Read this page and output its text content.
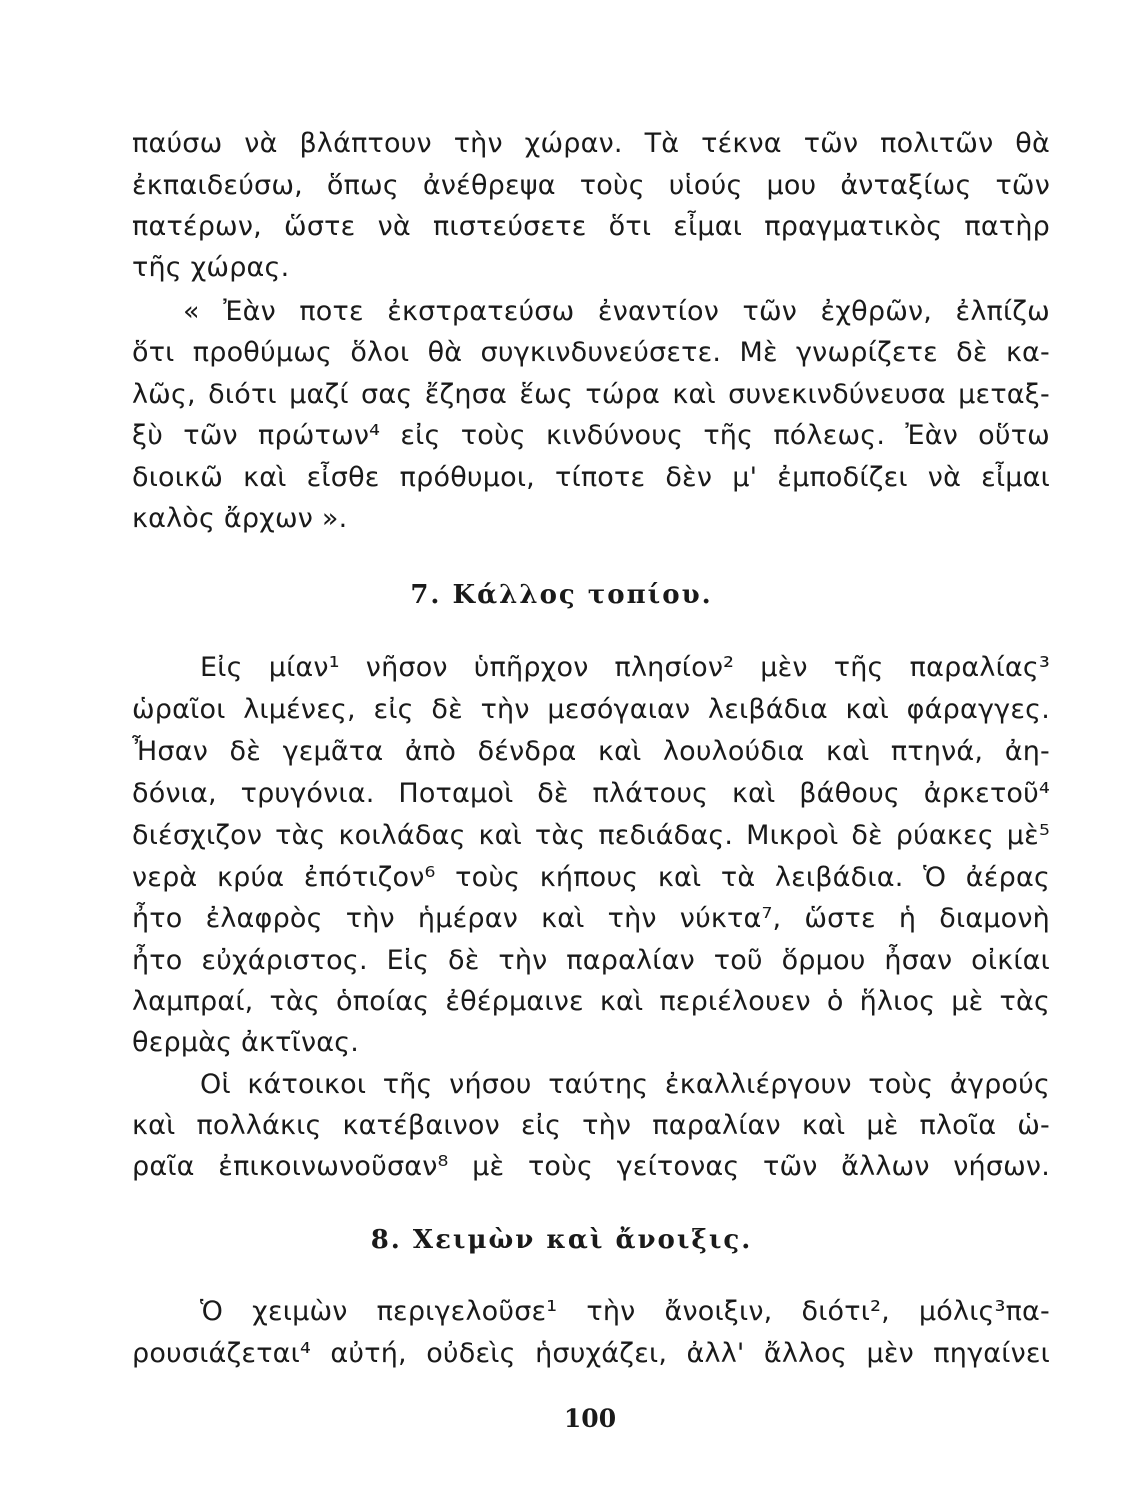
παύσω νὰ βλάπτουν τὴν χώραν. Τὰ τέκνα τῶν πολιτῶν θὰ
ἐκπαιδεύσω, ὅπως ἀνέθρεψα τοὺς υἱούς μου ἀνταξίως τῶν
πατέρων, ὥστε νὰ πιστεύσετε ὅτι εἶμαι πραγματικὸς πατὴρ
τῆς χώρας.
« Ἐὰν ποτε ἐκστρατεύσω ἐναντίον τῶν ἐχθρῶν, ἐλπίζω
ὅτι προθύμως ὅλοι θὰ συγκινδυνεύσετε. Μὲ γνωρίζετε δὲ κα-
λῶς, διότι μαζί σας ἔζησα ἕως τώρα καὶ συνεκινδύνευσα μεταξ-
ξὺ τῶν πρώτων⁴ εἰς τοὺς κινδύνους τῆς πόλεως. Ἐὰν οὕτω
διοικῶ καὶ εἶσθε πρόθυμοι, τίποτε δὲν μ' ἐμποδίζει νὰ εἶμαι
καλὸς ἄρχων ».
7. Κάλλος τοπίου.
Εἰς μίαν¹ νῆσον ὑπῆρχον πλησίον² μὲν τῆς παραλίας³
ὡραῖοι λιμένες, εἰς δὲ τὴν μεσόγαιαν λειβάδια καὶ φάραγγες.
Ἦσαν δὲ γεμᾶτα ἀπὸ δένδρα καὶ λουλούδια καὶ πτηνά, ἀη-
δόνια, τρυγόνια. Ποταμοὶ δὲ πλάτους καὶ βάθους ἀρκετοῦ⁴
διέσχιζον τὰς κοιλάδας καὶ τὰς πεδιάδας. Μικροὶ δὲ ρύακες μὲ⁵
νερὰ κρύα ἐπότιζον⁶ τοὺς κήπους καὶ τὰ λειβάδια. Ὁ ἀέρας
ἦτο ἐλαφρὸς τὴν ἡμέραν καὶ τὴν νύκτα⁷, ὥστε ἡ διαμονὴ
ἦτο εὐχάριστος. Εἰς δὲ τὴν παραλίαν τοῦ ὅρμου ἦσαν οἰκίαι
λαμπραί, τὰς ὁποίας ἐθέρμαινε καὶ περιέλουεν ὁ ἥλιος μὲ τὰς
θερμὰς ἀκτῖνας.
Οἱ κάτοικοι τῆς νήσου ταύτης ἐκαλλιέργουν τοὺς ἀγρούς
καὶ πολλάκις κατέβαινον εἰς τὴν παραλίαν καὶ μὲ πλοῖα ὡ-
ραῖα ἐπικοινωνοῦσαν⁸ μὲ τοὺς γείτονας τῶν ἄλλων νήσων.
8. Χειμὼν καὶ ἄνοιξις.
Ὁ χειμὼν περιγελοῦσε¹ τὴν ἄνοιξιν, διότι², μόλις³πα-
ρουσιάζεται⁴ αὐτή, οὐδεὶς ἡσυχάζει, ἀλλ' ἄλλος μὲν πηγαίνει
100
